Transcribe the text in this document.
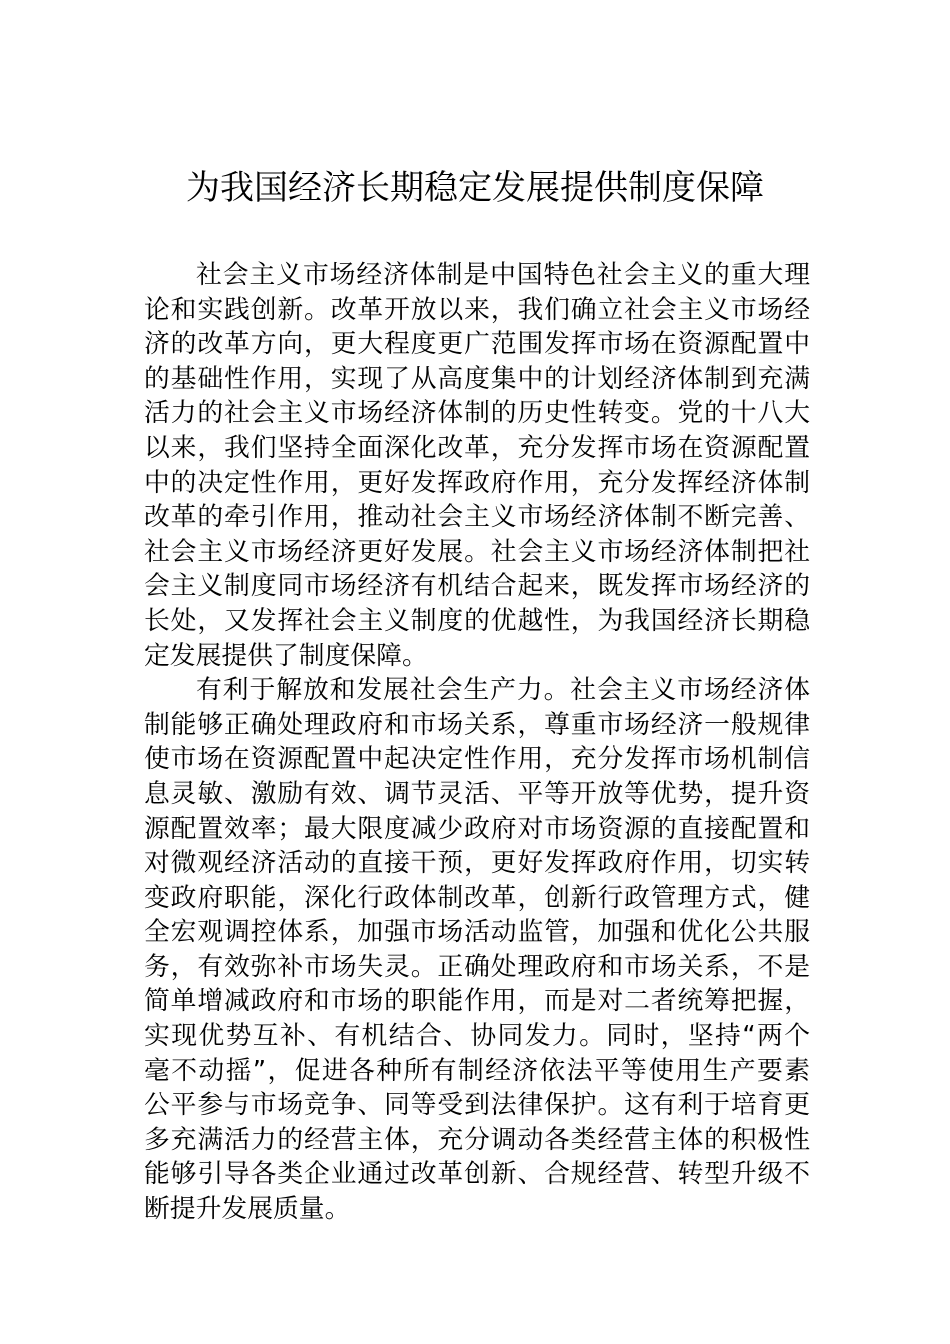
为我国经济长期稳定发展提供制度保障
社会主义市场经济体制是中国特色社会主义的重大理
论和实践创新。改革开放以来，我们确立社会主义市场经
济的改革方向，更大程度更广范围发挥市场在资源配置中
的基础性作用，实现了从高度集中的计划经济体制到充满
活力的社会主义市场经济体制的历史性转变。党的十八大
以来，我们坚持全面深化改革，充分发挥市场在资源配置
中的决定性作用，更好发挥政府作用，充分发挥经济体制
改革的牵引作用，推动社会主义市场经济体制不断完善、
社会主义市场经济更好发展。社会主义市场经济体制把社
会主义制度同市场经济有机结合起来，既发挥市场经济的
长处，又发挥社会主义制度的优越性，为我国经济长期稳
定发展提供了制度保障。
有利于解放和发展社会生产力。社会主义市场经济体
制能够正确处理政府和市场关系，尊重市场经济一般规律
使市场在资源配置中起决定性作用，充分发挥市场机制信
息灵敏、激励有效、调节灵活、平等开放等优势，提升资
源配置效率；最大限度减少政府对市场资源的直接配置和
对微观经济活动的直接干预，更好发挥政府作用，切实转
变政府职能，深化行政体制改革，创新行政管理方式，健
全宏观调控体系，加强市场活动监管，加强和优化公共服
务，有效弥补市场失灵。正确处理政府和市场关系，不是
简单增减政府和市场的职能作用，而是对二者统筹把握，
实现优势互补、有机结合、协同发力。同时，坚持“两个
毫不动摇”，促进各种所有制经济依法平等使用生产要素
公平参与市场竞争、同等受到法律保护。这有利于培育更
多充满活力的经营主体，充分调动各类经营主体的积极性
能够引导各类企业通过改革创新、合规经营、转型升级不
断提升发展质量。
